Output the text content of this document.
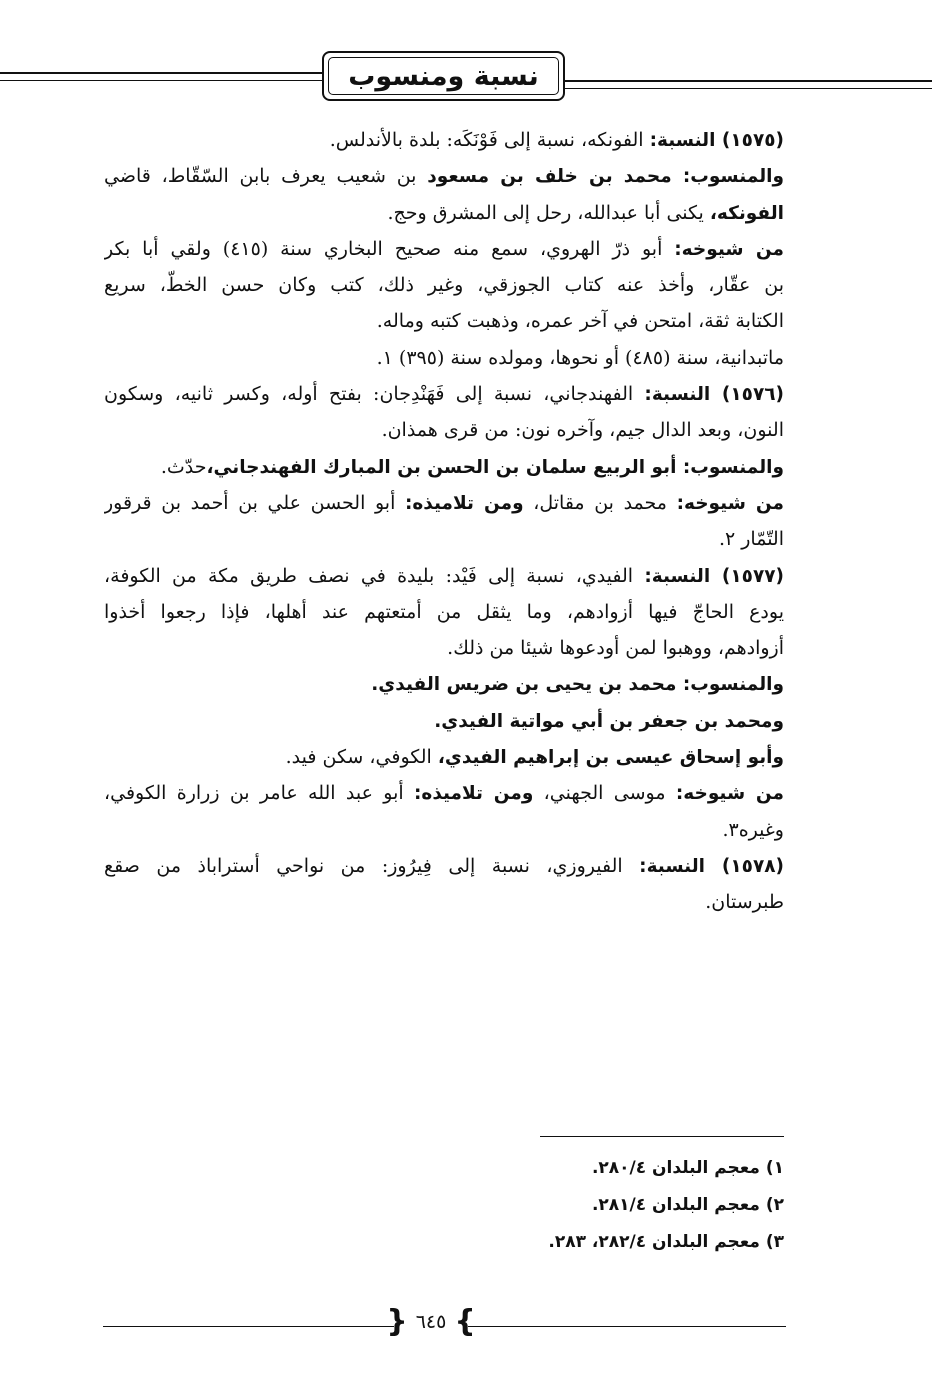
نسبة ومنسوب
(١٥٧٥) النسبة: الفونكه، نسبة إلى فَوْنَكَه: بلدة بالأندلس.
والمنسوب: محمد بن خلف بن مسعود بن شعيب يعرف بابن السّقّاط، قاضي
الفونكه، يكنى أبا عبدالله، رحل إلى المشرق وحج.
من شيوخه: أبو ذرّ الهروي، سمع منه صحيح البخاري سنة (٤١٥) ولقي أبا بكر
بن عقّار، وأخذ عنه كتاب الجوزقي، وغير ذلك، كتب وكان حسن الخطّ، سريع
الكتابة ثقة، امتحن في آخر عمره، وذهبت كتبه وماله.
ماتبدانية، سنة (٤٨٥) أو نحوها، ومولده سنة (٣٩٥) ١.
(١٥٧٦) النسبة: الفهندجاني، نسبة إلى فَهَنْدِجان: بفتح أوله، وكسر ثانيه، وسكون
النون، وبعد الدال جيم، وآخره نون: من قرى همذان.
والمنسوب: أبو الربيع سلمان بن الحسن بن المبارك الفهندجاني،حدّث.
من شيوخه: محمد بن مقاتل، ومن تلاميذه: أبو الحسن علي بن أحمد بن قرقور
التّمّار ٢.
(١٥٧٧) النسبة: الفيدي، نسبة إلى فَيْد: بليدة في نصف طريق مكة من الكوفة،
يودع الحاجّ فيها أزوادهم، وما يثقل من أمتعتهم عند أهلها، فإذا رجعوا أخذوا
أزوادهم، ووهبوا لمن أودعوها شيئا من ذلك.
والمنسوب: محمد بن يحيى بن ضريس الفيدي.
ومحمد بن جعفر بن أبي مواتية الفيدي.
وأبو إسحاق عيسى بن إبراهيم الفيدي، الكوفي، سكن فيد.
من شيوخه: موسى الجهني، ومن تلاميذه: أبو عبد الله عامر بن زرارة الكوفي،
وغيره٣.
(١٥٧٨) النسبة: الفيروزي، نسبة إلى فِيرُوز: من نواحي أستراباذ من صقع
طبرستان.
١) معجم البلدان ٢٨٠/٤.
٢) معجم البلدان ٢٨١/٤.
٣) معجم البلدان ٢٨٢/٤، ٢٨٣.
} ٦٤٥ {
